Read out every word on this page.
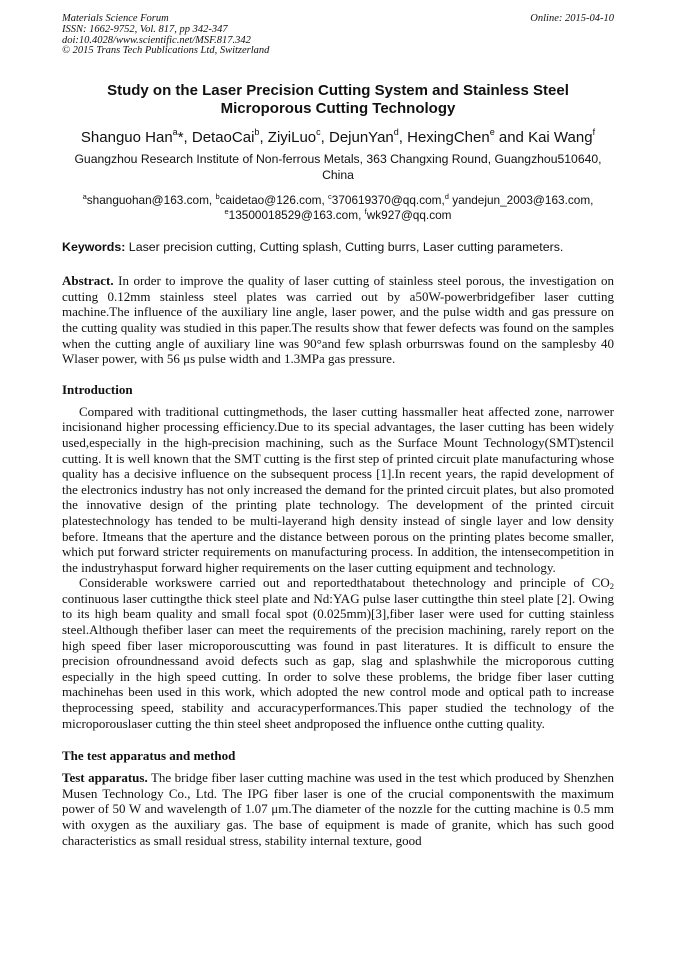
Materials Science Forum
ISSN: 1662-9752, Vol. 817, pp 342-347
doi:10.4028/www.scientific.net/MSF.817.342
© 2015 Trans Tech Publications Ltd, Switzerland
Online: 2015-04-10
Study on the Laser Precision Cutting System and Stainless Steel
Microporous Cutting Technology
Shanguo Han$^a$*, DetaoCai$^b$, ZiyiLuo$^c$, DejunYan$^d$, HexingChen$^e$ and Kai Wang$^f$
Guangzhou Research Institute of Non-ferrous Metals, 363 Changxing Round, Guangzhou510640, China
$^a$shanguohan@163.com, $^b$caidetao@126.com, $^c$370619370@qq.com,$^d$ yandejun_2003@163.com,
$^e$13500018529@163.com, $^f$wk927@qq.com
Keywords: Laser precision cutting, Cutting splash, Cutting burrs, Laser cutting parameters.
Abstract. In order to improve the quality of laser cutting of stainless steel porous, the investigation on cutting 0.12mm stainless steel plates was carried out by a50W-powerbridgefiber laser cutting machine.The influence of the auxiliary line angle, laser power, and the pulse width and gas pressure on the cutting quality was studied in this paper.The results show that fewer defects was found on the samples when the cutting angle of auxiliary line was 90°and few splash orburrswas found on the samplesby 40 Wlaser power, with 56 μs pulse width and 1.3MPa gas pressure.
Introduction

Compared with traditional cuttingmethods, the laser cutting hassmaller heat affected zone, narrower incisionand higher processing efficiency.Due to its special advantages, the laser cutting has been widely used,especially in the high-precision machining, such as the Surface Mount Technology(SMT)stencil cutting. It is well known that the SMT cutting is the first step of printed circuit plate manufacturing whose quality has a decisive influence on the subsequent process [1].In recent years, the rapid development of the electronics industry has not only increased the demand for the printed circuit plates, but also promoted the innovative design of the printing plate technology. The development of the printed circuit platestechnology has tended to be multi-layerand high density instead of single layer and low density before. Itmeans that the aperture and the distance between porous on the printing plates become smaller, which put forward stricter requirements on manufacturing process. In addition, the intensecompetition in the industryhasput forward higher requirements on the laser cutting equipment and technology.

Considerable workswere carried out and reportedthatabout thetechnology and principle of $CO_2$ continuous laser cuttingthe thick steel plate and Nd:YAG pulse laser cuttingthe thin steel plate [2]. Owing to its high beam quality and small focal spot (0.025mm)[3],fiber laser were used for cutting stainless steel.Although thefiber laser can meet the requirements of the precision machining, rarely report on the high speed fiber laser microporouscutting was found in past literatures. It is difficult to ensure the precision ofroundnessand avoid defects such as gap, slag and splashwhile the microporous cutting especially in the high speed cutting. In order to solve these problems, the bridge fiber laser cutting machinehas been used in this work, which adopted the new control mode and optical path to increase theprocessing speed, stability and accuracyperformances.This paper studied the technology of the microporouslaser cutting the thin steel sheet andproposed the influence onthe cutting quality.

The test apparatus and method

Test apparatus. The bridge fiber laser cutting machine was used in the test which produced by Shenzhen Musen Technology Co., Ltd. The IPG fiber laser is one of the crucial componentswith the maximum power of 50 W and wavelength of 1.07 μm.The diameter of the nozzle for the cutting machine is 0.5 mm with oxygen as the auxiliary gas. The base of equipment is made of granite, which has such good characteristics as small residual stress, stability internal texture, good
